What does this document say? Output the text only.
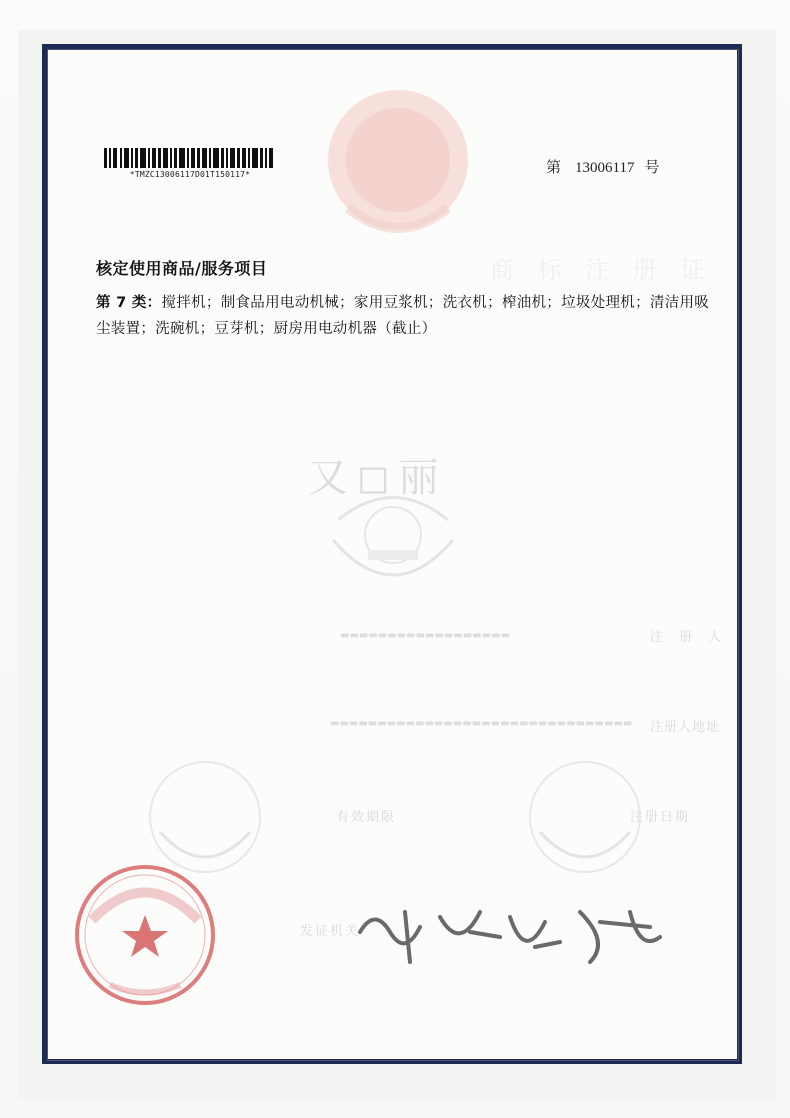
商 标 注 册 证
又 ◻ 丽
注 册 人
▬▬▬▬▬▬▬▬▬▬▬▬▬▬▬▬▬▬
注册人地址
▬▬▬▬▬▬▬▬▬▬▬▬▬▬▬▬▬▬▬▬▬▬▬▬▬▬▬▬▬▬▬▬
注册日期
有效期限
发证机关
*TMZC13006117D01T150117*	第 13006117 号
核定使用商品/服务项目
第 7 类：搅拌机；制食品用电动机械；家用豆浆机；洗衣机；榨油机；垃圾处理机；清洁用吸尘装置；洗碗机；豆芽机；厨房用电动机器（截止）
